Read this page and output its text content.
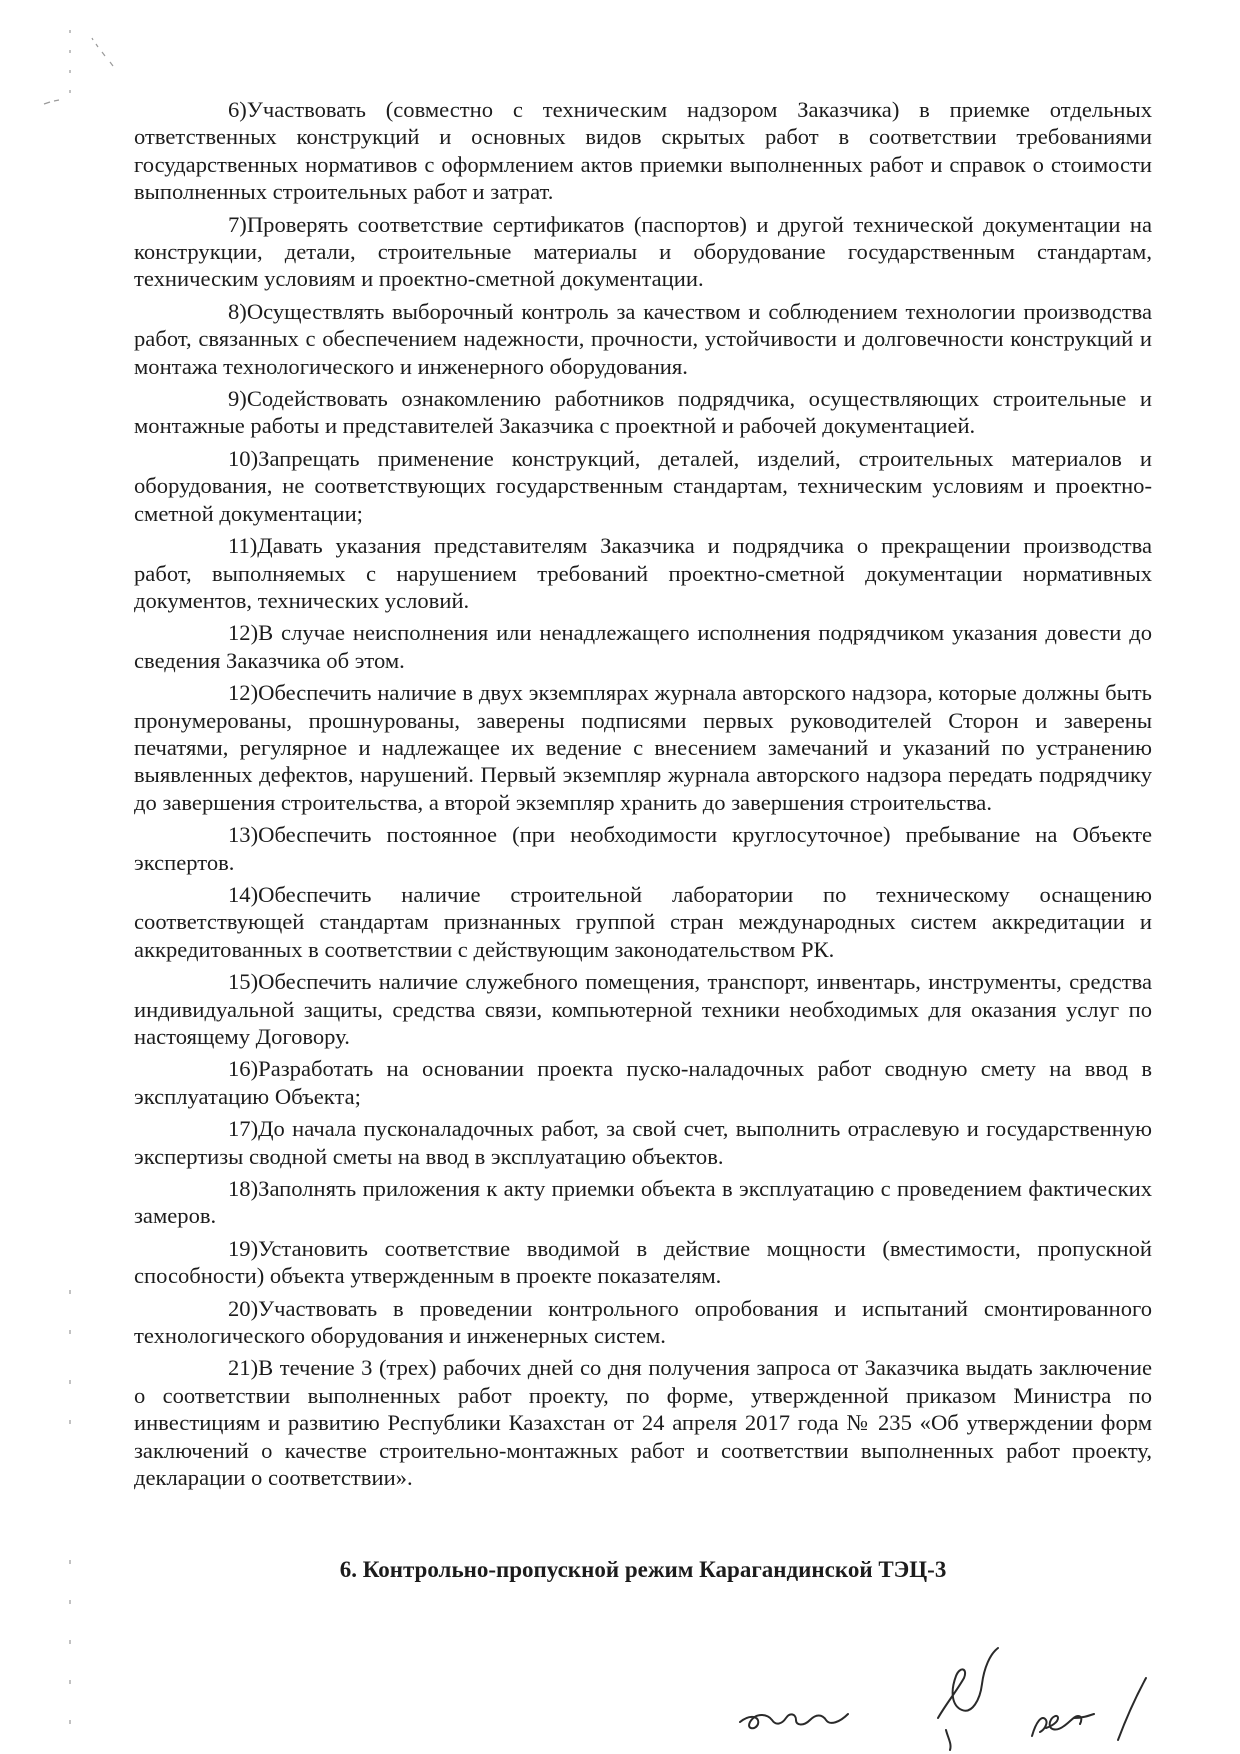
6)Участвовать (совместно с техническим надзором Заказчика) в приемке отдельных ответственных конструкций и основных видов скрытых работ в соответствии требованиями государственных нормативов с оформлением актов приемки выполненных работ и справок о стоимости выполненных строительных работ и затрат.

7)Проверять соответствие сертификатов (паспортов) и другой технической документации на конструкции, детали, строительные материалы и оборудование государственным стандартам, техническим условиям и проектно-сметной документации.

8)Осуществлять выборочный контроль за качеством и соблюдением технологии производства работ, связанных с обеспечением надежности, прочности, устойчивости и долговечности конструкций и монтажа технологического и инженерного оборудования.

9)Содействовать ознакомлению работников подрядчика, осуществляющих строительные и монтажные работы и представителей Заказчика с проектной и рабочей документацией.

10)Запрещать применение конструкций, деталей, изделий, строительных материалов и оборудования, не соответствующих государственным стандартам, техническим условиям и проектно-сметной документации;

11)Давать указания представителям Заказчика и подрядчика о прекращении производства работ, выполняемых с нарушением требований проектно-сметной документации нормативных документов, технических условий.

12)В случае неисполнения или ненадлежащего исполнения подрядчиком указания довести до сведения Заказчика об этом.

12)Обеспечить наличие в двух экземплярах журнала авторского надзора, которые должны быть пронумерованы, прошнурованы, заверены подписями первых руководителей Сторон и заверены печатями, регулярное и надлежащее их ведение с внесением замечаний и указаний по устранению выявленных дефектов, нарушений. Первый экземпляр журнала авторского надзора передать подрядчику до завершения строительства, а второй экземпляр хранить до завершения строительства.

13)Обеспечить постоянное (при необходимости круглосуточное) пребывание на Объекте экспертов.

14)Обеспечить наличие строительной лаборатории по техническому оснащению соответствующей стандартам признанных группой стран международных систем аккредитации и аккредитованных в соответствии с действующим законодательством РК.

15)Обеспечить наличие служебного помещения, транспорт, инвентарь, инструменты, средства индивидуальной защиты, средства связи, компьютерной техники необходимых для оказания услуг по настоящему Договору.

16)Разработать на основании проекта пуско-наладочных работ сводную смету на ввод в эксплуатацию Объекта;

17)До начала пусконаладочных работ, за свой счет, выполнить отраслевую и государственную экспертизы сводной сметы на ввод в эксплуатацию объектов.

18)Заполнять приложения к акту приемки объекта в эксплуатацию с проведением фактических замеров.

19)Установить соответствие вводимой в действие мощности (вместимости, пропускной способности) объекта утвержденным в проекте показателям.

20)Участвовать в проведении контрольного опробования и испытаний смонтированного технологического оборудования и инженерных систем.

21)В течение 3 (трех) рабочих дней со дня получения запроса от Заказчика выдать заключение о соответствии выполненных работ проекту, по форме, утвержденной приказом Министра по инвестициям и развитию Республики Казахстан от 24 апреля 2017 года № 235 «Об утверждении форм заключений о качестве строительно-монтажных работ и соответствии выполненных работ проекту, декларации о соответствии».

6. Контрольно-пропускной режим Карагандинской ТЭЦ-3
